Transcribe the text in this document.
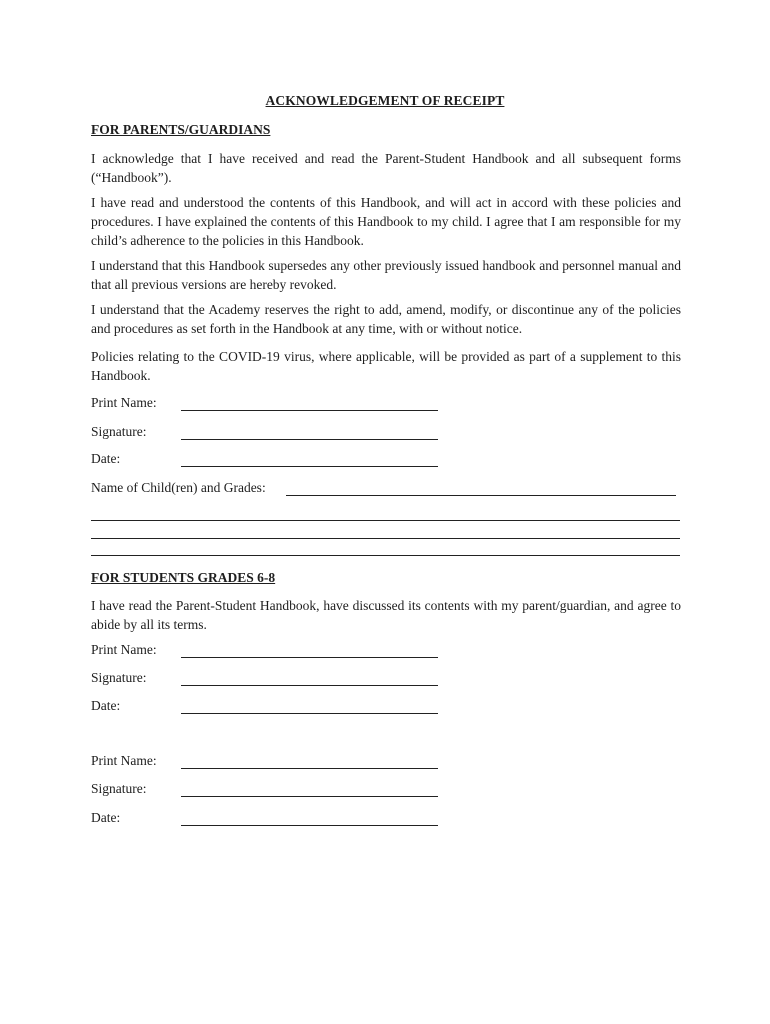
ACKNOWLEDGEMENT OF RECEIPT
FOR PARENTS/GUARDIANS
I acknowledge that I have received and read the Parent-Student Handbook and all subsequent forms (“Handbook”).
I have read and understood the contents of this Handbook, and will act in accord with these policies and procedures. I have explained the contents of this Handbook to my child. I agree that I am responsible for my child’s adherence to the policies in this Handbook.
I understand that this Handbook supersedes any other previously issued handbook and personnel manual and that all previous versions are hereby revoked.
I understand that the Academy reserves the right to add, amend, modify, or discontinue any of the policies and procedures as set forth in the Handbook at any time, with or without notice.
Policies relating to the COVID-19 virus, where applicable, will be provided as part of a supplement to this Handbook.
Print Name:
Signature:
Date:
Name of Child(ren) and Grades:
FOR STUDENTS GRADES 6-8
I have read the Parent-Student Handbook, have discussed its contents with my parent/guardian, and agree to abide by all its terms.
Print Name:
Signature:
Date:
Print Name:
Signature:
Date:
